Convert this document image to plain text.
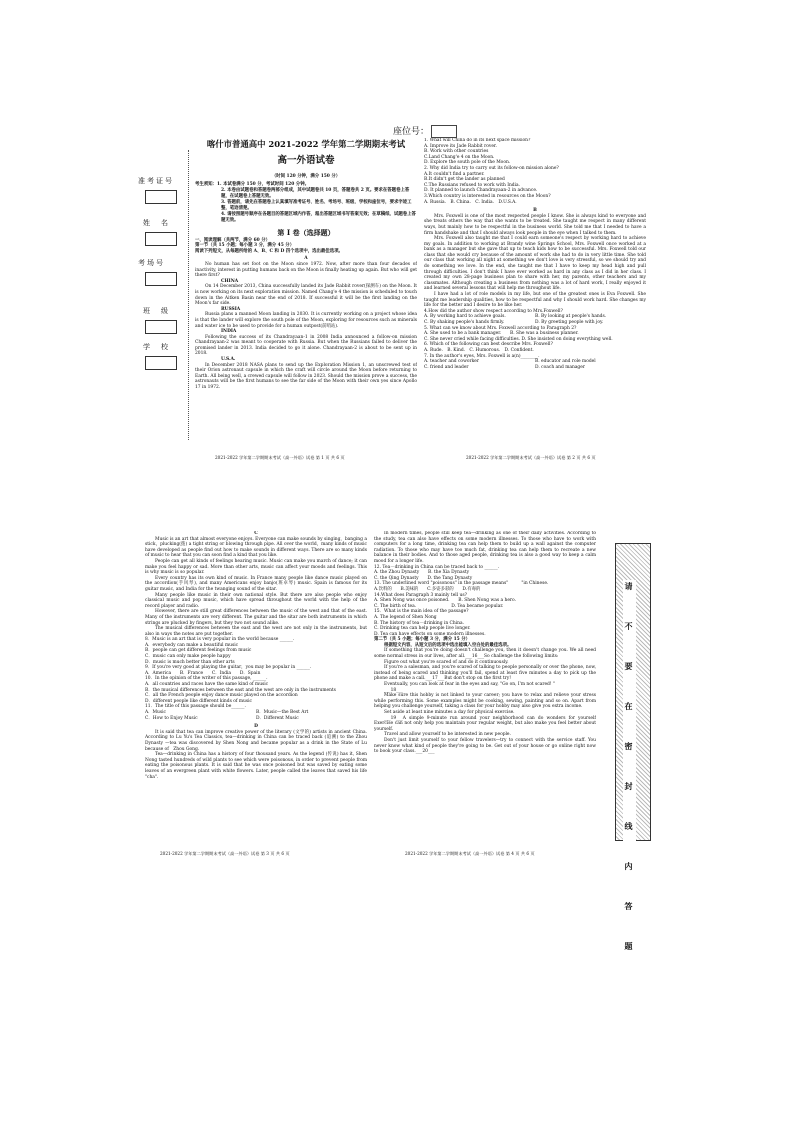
座位号：
准考证号
姓　名
考场号
班　级
学　校
喀什市普通高中 2021-2022 学年第二学期期末考试
高一外语试卷

（时间 120 分钟，满分 150 分）

考生须知：1. 本试卷满分 150 分，考试时间 120 分钟。

2. 本卷由试题卷和答题卷两部分组成，其中试题卷共 10 页，答题卷共 2 页。要求在答题卷上答题，在试题卷上答题无效。

3. 答题前，请先在答题卷上认真填写准考证号、姓名、考场号、班级、学校和座位号，要求字迹工整，笔迹清楚。

4. 请按照题号顺序在各题目的答题区域内作答，超出答题区域书写答案无效；在草稿纸、试题卷上答题无效。

第 I 卷（选择题）

一、阅读理解（共两节，满分 60 分）

第一节（共 15 小题；每小题 3 分，满分 45 分）

阅读下列短文，从每题所给的 A、B、C 和 D 四个选项中，选出最佳选项。

A

No human has set foot on the Moon since 1972. Now, after more than four decades of inactivity, interest in putting humans back on the Moon is finally heating up again. But who will get there first?

CHINA

On 14 December 2013, China successfully landed its Jade Rabbit rover(探测车) on the Moon. It is now working on its next exploration mission. Named Chang'e 4 the mission is scheduled to touch down in the Aitken Basin near the end of 2018. If successful it will be the first landing on the Moon's far side.

RUSSIA

Russia plans a manned Moon landing in 2030. It is currently working on a project whose idea is that the lander will explore the south pole of the Moon, exploring for resources such as minerals and water ice to be used to provide for a human outpost(前哨站).

INDIA

Following the success of its Chandrayaan-1 in 2008 India announced a follow-on mission Chandrayaan-2 was meant to cooperate with Russia. But when the Russians failed to deliver the promised lander in 2013. India decided to go it alone. Chandrayaan-2 is about to be sent up in 2018.

U.S.A.

In December 2018 NASA plans to send up the Exploration Mission 1, an unscrewed test of their Orion astronaut capsule in which the craft will circle around the Moon before returning to Earth. All being well, a crewed capsule will follow in 2023. Should the mission prove a success, the astronauts will be the first humans to see the far side of the Moon with their own yes since Apollo 17 in 1972.

2021-2022 学年第二学期期末考试（高一外语）试卷 第 1 页 共 6 页

1. What will China do in its next space mission?

A. Improve its Jade Rabbit rover.

B. Work with other countries

C.Land Chang'e 4 on the Moon.

D. Explore the south pole of the Moon.

2. Why did India try to carry out its follow-on mission alone?

A.It couldn't find a partner.

B.It didn't get the lander as planned

C.The Russians refused to work with India.

D. It planned to launch Chandrayaan-2 in advance.

3.Which country is interested in resources on the Moon?

A. Russia.　B. China.　C. India.　D.U.S.A.

B

Mrs. Foxwell is one of the most respected people I know. She is always kind to everyone and she treats others the way that she wants to be treated. She taught me respect in many different ways, but mainly how to be respectful in the business world. She told me that I needed to have a firm handshake and that I should always look people in the eye when I talked to them.

Mrs. Foxwell also taught me that I could earn someone's respect by working hard to achieve my goals. In addition to working at Brandy wine Springs School, Mrs. Foxwell once worked at a bank as a manager but she gave that up to teach kids how to be successful. Mrs. Foxwell told our class that she would cry because of the amount of work she had to do in very little time. She told our class that working all night at something we don't love is very stressful, so we should try and do something we love. In the end, she taught me that I have to keep my head high and pull through difficulties. I don't think I have ever worked as hard in any class as I did in her class. I created my own 28-page business plan to share with her, my parents, other teachers and my classmates. Although creating a business from nothing was a lot of hard work, I really enjoyed it and learned several lessons that will help me throughout life.

I have had a lot of role models in my life, but one of the greatest ones is Eva Foxwell. She taught me leadership qualities, how to be respectful and why I should work hard. She changes my life for the better and I desire to be like her.

4.How did the author show respect according to Mrs.Foxwell?

A. By working hard to achieve goals.	B. By looking at people's hands.

C. By shaking people's hands firmly.	D. By greeting people with joy.

5. What can we know about Mrs. Foxwell according to Paragraph 2?

A. She used to be a bank manager.　　B. She was a business planner.

C. She never cried while facing difficulties. D. She insisted on doing everything well.

6. Which of the following can best describe Mrs. Foxwell?

A. Rude.　B. Kind.　C. Humorous.　D. Confident.

7. In the author's eyes, Mrs. Foxwell is a(n)________.

A. teacher and coworker	B. educator and role model

C. friend and leader	D. coach and manager

2021-2022 学年第二学期期末考试（高一外语）试卷 第 2 页 共 6 页

C

Music is an art that almost everyone enjoys. Everyone can make sounds by singing，banging a stick，plucking(拨) a tight string or blowing through pipe. All over the world，many kinds of music have developed as people find out how to make sounds in different ways. There are so many kinds of music to hear that you can soon find a kind that you like.

People can get all kinds of feelings hearing music. Music can make you march of dance; it can make you feel happy or sad. More than other arts, music can affect your moods and feelings. This is why music is so popular.

Every country has its own kind of music. In France many people like dance music played on the accordion(手风琴), and many Americans enjoy banjo(班卓琴) music. Spain is famous for its guitar music, and India for the twanging sound of the sitar.

Many people like music in their own national style. But there are also people who enjoy classical music and pop music, which have spread throughout the world with the help of the record player and radio.

However, there are still great differences between the music of the west and that of the east. Many of the instruments are very different. The guitar and the sitar are both instruments in which strings are plucked by fingers, but they two not sound alike.

The musical differences between the east and the west are not only in the instruments, but also in ways the notes are put together.

8．Music is an art that is very popular in the world because ______.

A．everybody can make a beautiful music

B．people can get different feelings from music

C．music can only make people happy

D．music is much better than other arts

9．If you're very good at playing the guitar，you may be popular in ______.

A．America　　B．France　　C．India　　D．Spain

10．In the opinion of the writer of this passage, ______.

A．all countries and races have the same kind of music

B．the musical differences between the east and the west are only in the instruments

C．all the French people enjoy dance music played on the accordion

D．different people like different kinds of music

11．The title of this passage should be______.

A．Music	B．Music—the Best Art

C．How to Enjoy Music	D．Different Music

D

It is said that tea can improve creative power of the literary (文学的) artists in ancient China. According to Lu Yu's Tea Classics, tea—drinking in China can be traced back (追溯) to the Zhou Dynasty —tea was discovered by Shen Nong and became popular as a drink in the State of Lu because of　Zhou Gong.

Tea—drinking in China has a history of four thousand years. As the legend (传说) has it, Shen Nong tasted hundreds of wild plants to see which were poisonous, in order to prevent people from eating the poisonous plants. It is said that he was once poisoned but was saved by eating some leaves of an evergreen plant with white flowers. Later, people called the leaves that saved his life "cha".

2021-2022 学年第二学期期末考试（高一外语）试卷 第 3 页 共 6 页

In modern times, people still keep tea—drinking as one of their daily activities. According to the study, tea can also have effects on some modern illnesses. To those who have to work with computers for a long time, drinking tea can help them to build up a wall against the computer radiation. To those who may have too much fat, drinking tea can help them to recreate a new balance in their bodies. And to those aged people, drinking tea is also a good way to keep a calm mood for a longer life.

12. Tea－drinking in China can be traced back to ______.

A. the Zhou Dynasty　　B. the Xia Dynasty

C. the Qing Dynasty　　D. the Tang Dynasty

13. The underlined word "poisonous" in the passage means"　　　"in Chinese.

A.饮料的　　B.美味的　　C.多姿多彩的　　D.有毒的

14.What does Paragraph 3 mainly tell us?

A. Shen Nong was once poisoned.　　B. Shen Nong was a hero.

C. The birth of tea.　　　　　　　　D. Tea became popular.

15．What is the main idea of the passage?

A. The legend of Shen Nong

B. The history of tea－drinking in China.

C. Drinking tea can help people live longer.

D. Tea can have effects on some modern illnesses.

第二节（共 5 小题；每小题 3 分，满分 15 分）

根据短文内容，从短文后的选项中选出能填入空白处的最佳选项。

If something that you're doing doesn't challenge you, then it doesn't change you. We all need some normal stress in our lives, after all.___16___So challenge the following limits:

Figure out what you're scared of and do it continuously.

If you're a salesman, and you're scared of talking to people personally or over the phone, now, instead of being scared and thinking you'll fail, spend at least five minutes a day to pick up the phone and make a call.___17___But don't stop on the first try!

Eventually, you can look at fear in the eyes and say, "Go on, I'm not scared! "

___18___

Make sure this hobby is not linked to your career; you have to relax and relieve your stress while performing this. Some examples might be cooking, sewing, painting and so on. Apart from helping you challenge yourself, taking a class for your hobby may also give you extra income.

Set aside at least nine minutes a day for physical exercise.

___19___A simple 9-minute run around your neighborhood can do wonders for yourself Exercise can not only help you maintain your regular weight, but also make you feel better about yourself.

Travel and allow yourself to be interested in new people.

Don't just limit yourself to your fellow travelers—try to connect with the service staff. You never know what kind of people they're going to be. Get out of your house or go online right now to book your class.___20___

2021-2022 学年第二学期期末考试（高一外语）试卷 第 4 页 共 6 页	请　不　要　在　密　封　线　内　答　题
